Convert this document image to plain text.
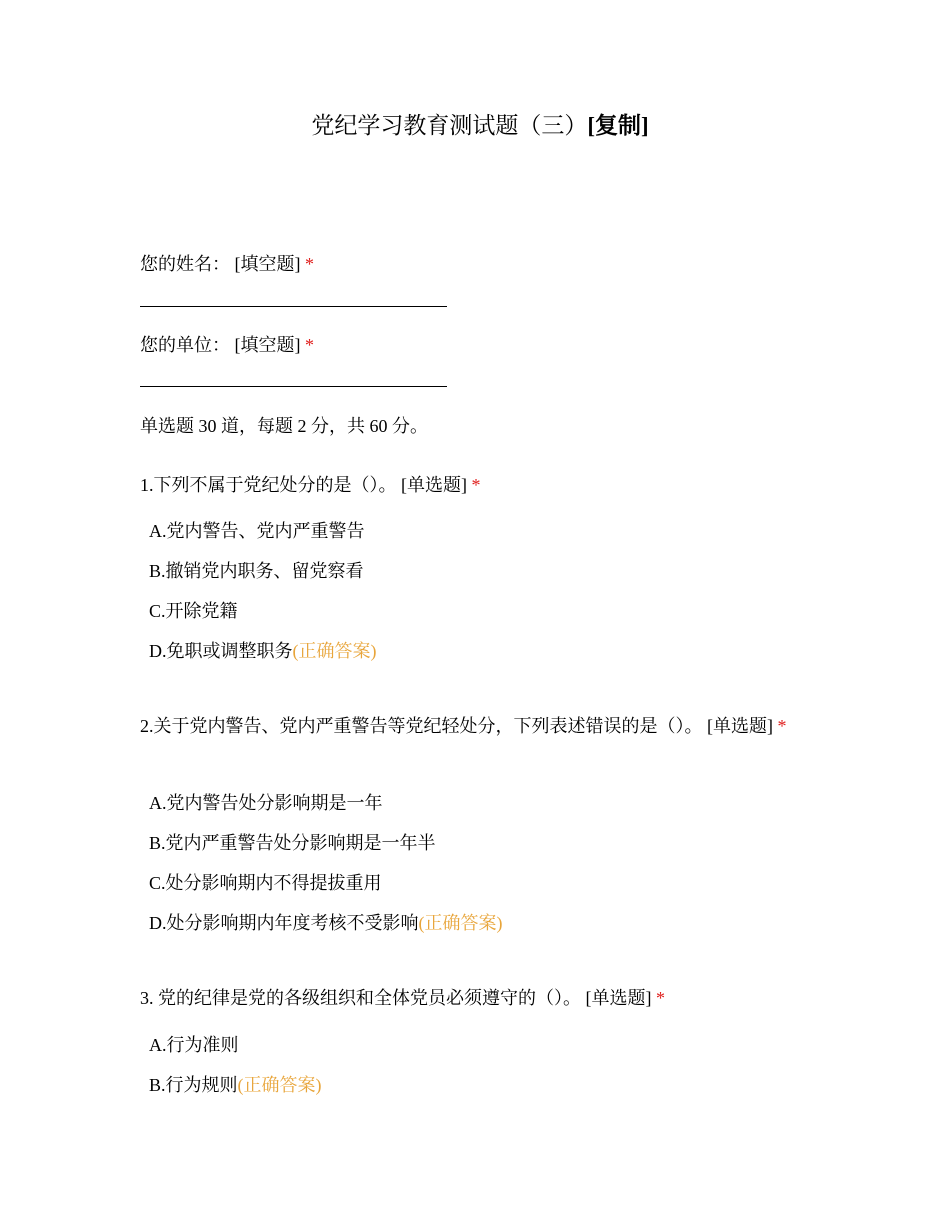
党纪学习教育测试题（三）[复制]
您的姓名： [填空题] *
您的单位： [填空题] *
单选题 30 道，每题 2 分，共 60 分。
1.下列不属于党纪处分的是（）。 [单选题] *
A.党内警告、党内严重警告
B.撤销党内职务、留党察看
C.开除党籍
D.免职或调整职务(正确答案)
2.关于党内警告、党内严重警告等党纪轻处分，下列表述错误的是（）。 [单选题] *
A.党内警告处分影响期是一年
B.党内严重警告处分影响期是一年半
C.处分影响期内不得提拔重用
D.处分影响期内年度考核不受影响(正确答案)
3. 党的纪律是党的各级组织和全体党员必须遵守的（）。 [单选题] *
A.行为准则
B.行为规则(正确答案)
